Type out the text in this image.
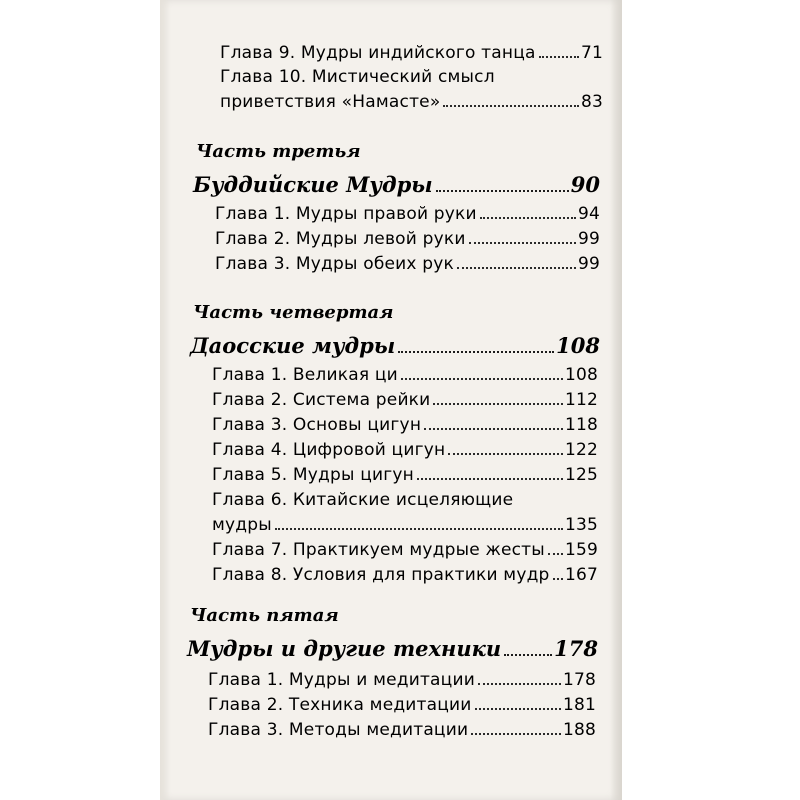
Глава 9. Мудры индийского танца	71
Глава 10. Мистический смысл
приветствия «Намасте»	83
Часть третья
Буддийские Мудры	90
Глава 1. Мудры правой руки	94
Глава 2. Мудры левой руки	99
Глава 3. Мудры обеих рук	99
Часть четвертая
Даосские мудры	108
Глава 1. Великая ци	108
Глава 2. Система рейки	112
Глава 3. Основы цигун	118
Глава 4. Цифровой цигун	122
Глава 5. Мудры цигун	125
Глава 6. Китайские исцеляющие
мудры	135
Глава 7. Практикуем мудрые жесты 159
Глава 8. Условия для практики мудр 167
Часть пятая
Мудры и другие техники	178
Глава 1. Мудры и медитации	178
Глава 2. Техника медитации	181
Глава 3. Методы медитации	188
